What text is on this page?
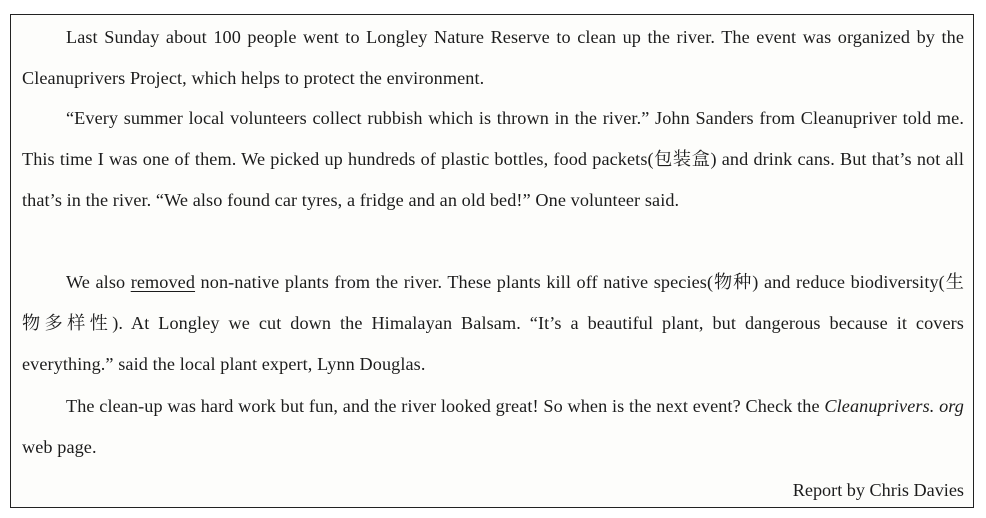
Last Sunday about 100 people went to Longley Nature Reserve to clean up the river. The event was organized by the Cleanuprivers Project, which helps to protect the environment.

“Every summer local volunteers collect rubbish which is thrown in the river.” John Sanders from Cleanupriver told me. This time I was one of them. We picked up hundreds of plastic bottles, food packets(包装盒) and drink cans. But that’s not all that’s in the river. “We also found car tyres, a fridge and an old bed!” One volunteer said.

We also removed non-native plants from the river. These plants kill off native species(物种) and reduce biodiversity(生物多样性). At Longley we cut down the Himalayan Balsam. “It’s a beautiful plant, but dangerous because it covers everything.” said the local plant expert, Lynn Douglas.

The clean-up was hard work but fun, and the river looked great! So when is the next event? Check the Cleanuprivers. org web page.

Report by Chris Davies
